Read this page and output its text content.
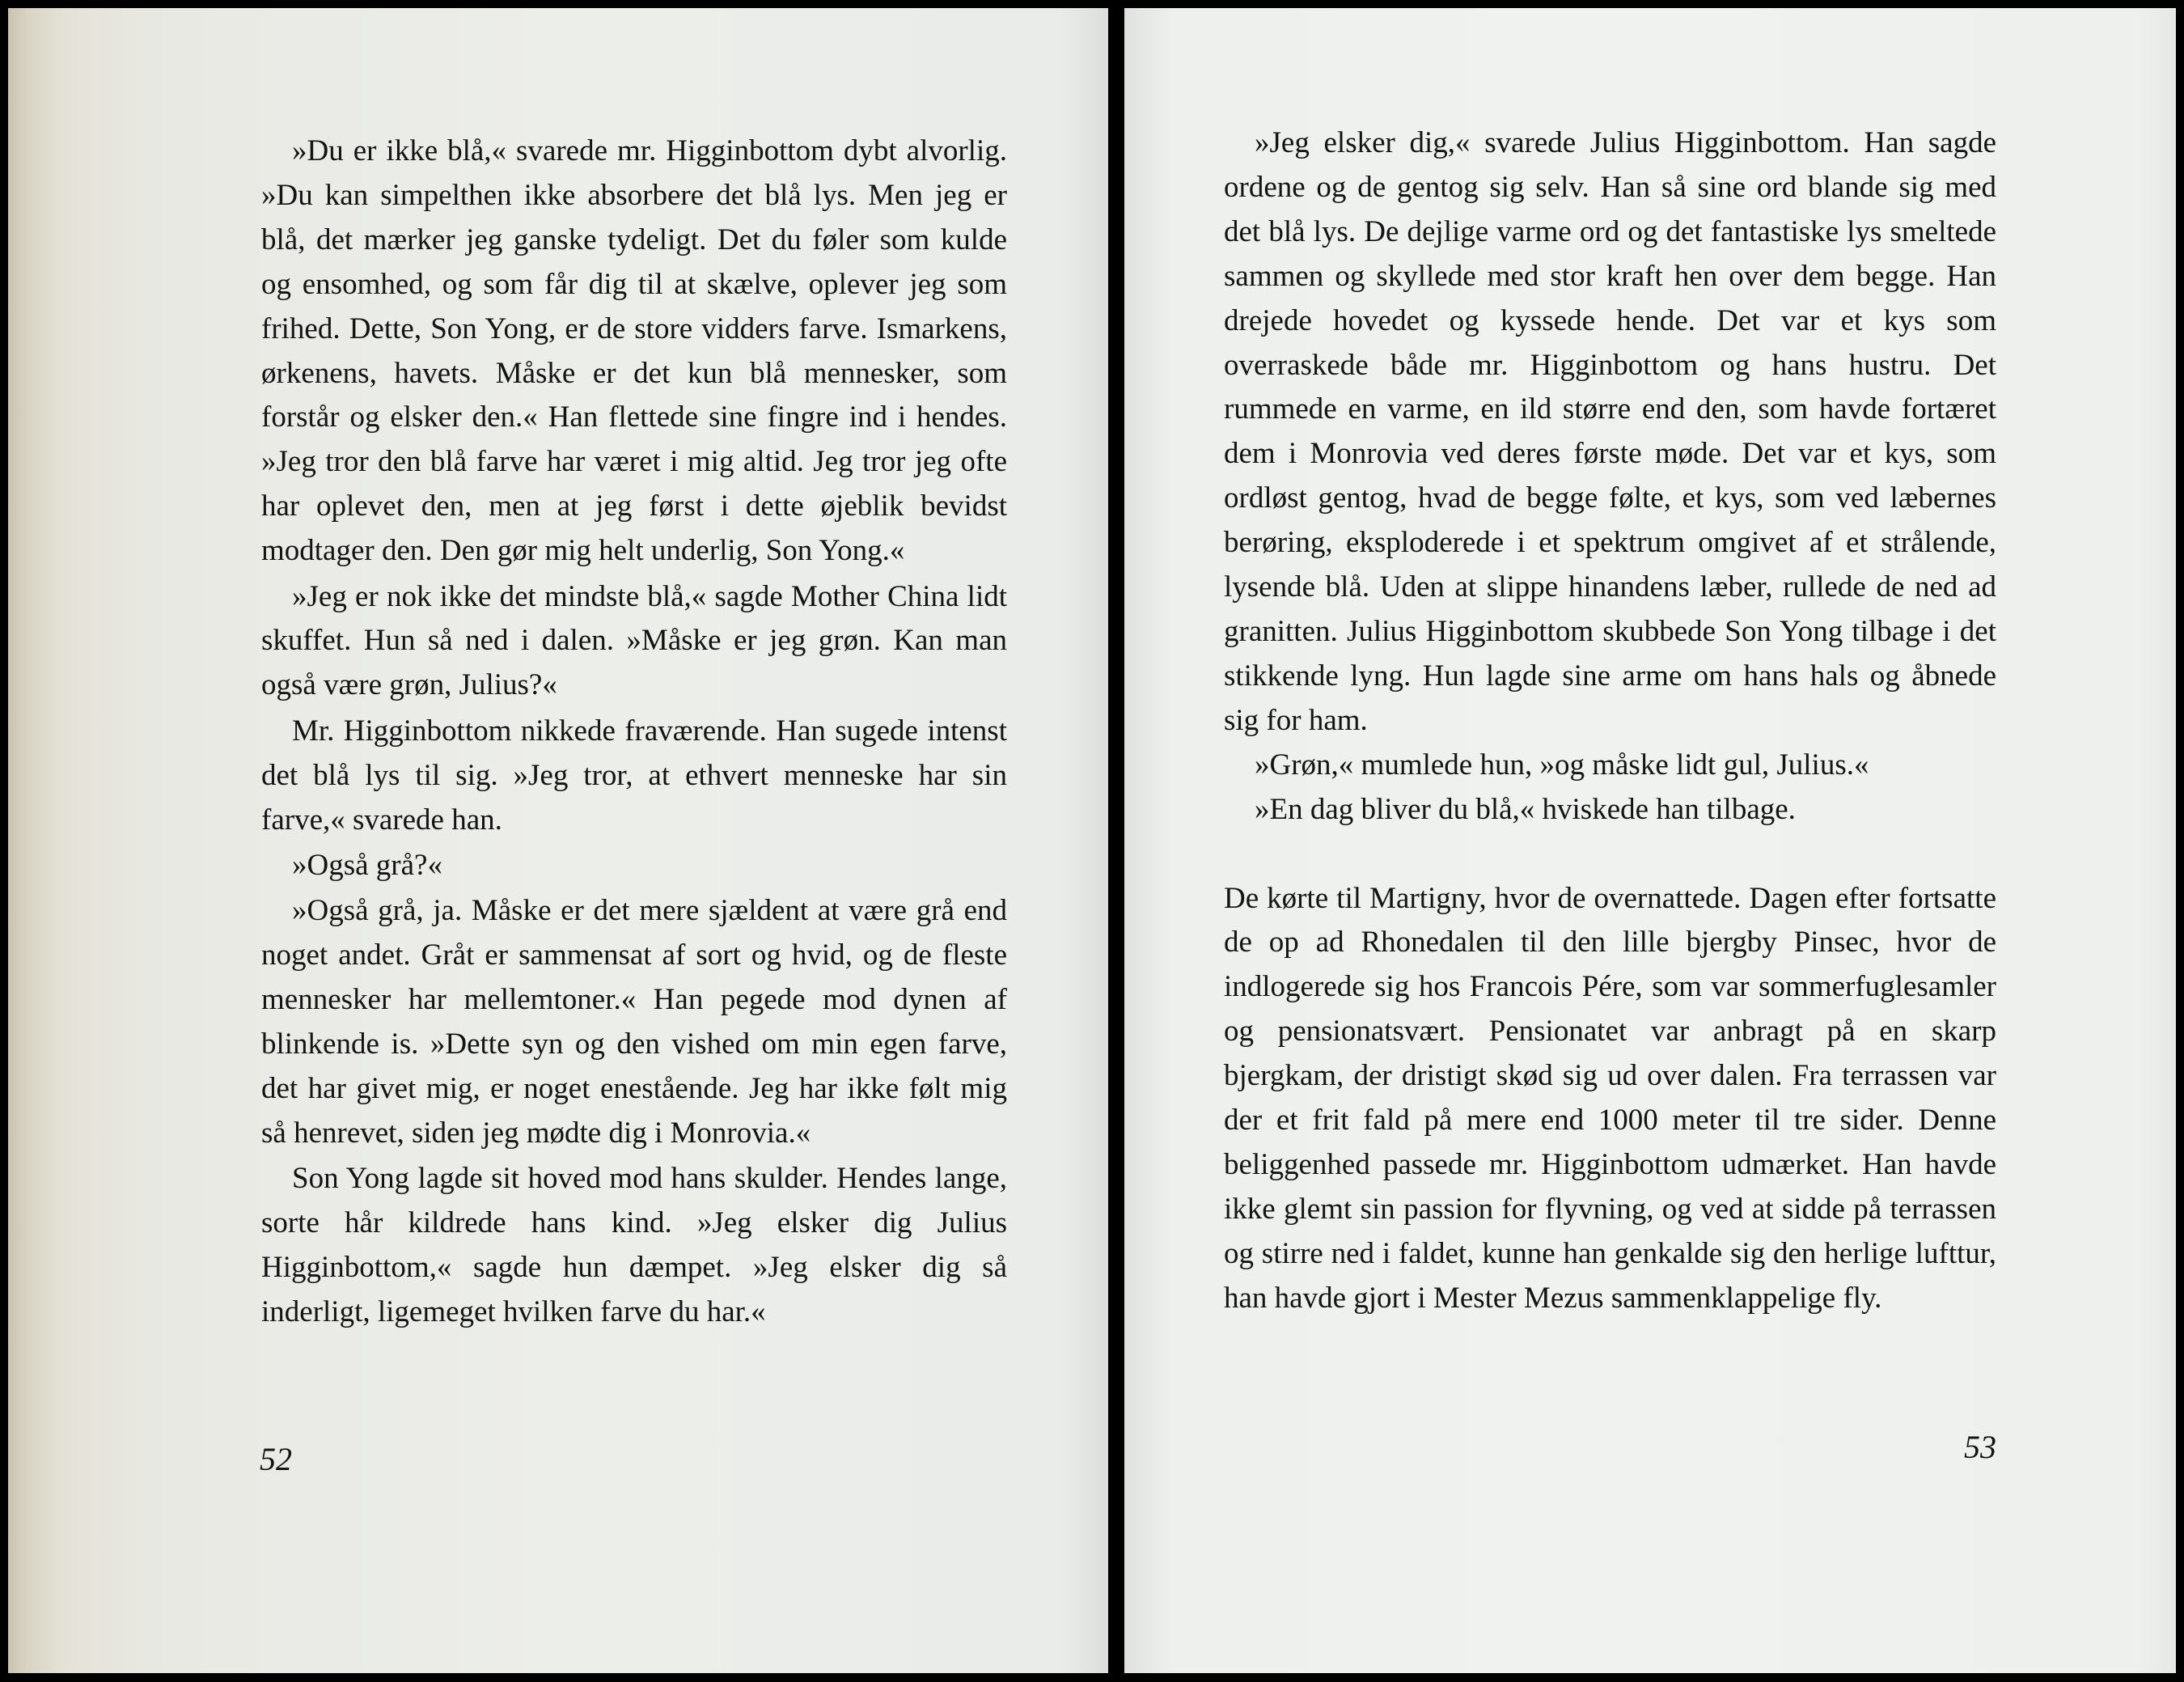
»Du er ikke blå,« svarede mr. Higginbottom dybt alvorlig. »Du kan simpelthen ikke absorbere det blå lys. Men jeg er blå, det mærker jeg ganske tydeligt. Det du føler som kulde og ensomhed, og som får dig til at skælve, oplever jeg som frihed. Dette, Son Yong, er de store vidders farve. Ismarkens, ørkenens, havets. Måske er det kun blå mennesker, som forstår og elsker den.« Han flettede sine fingre ind i hendes. »Jeg tror den blå farve har været i mig altid. Jeg tror jeg ofte har oplevet den, men at jeg først i dette øjeblik bevidst modtager den. Den gør mig helt underlig, Son Yong.«

»Jeg er nok ikke det mindste blå,« sagde Mother China lidt skuffet. Hun så ned i dalen. »Måske er jeg grøn. Kan man også være grøn, Julius?«

Mr. Higginbottom nikkede fraværende. Han sugede intenst det blå lys til sig. »Jeg tror, at ethvert menneske har sin farve,« svarede han.

»Også grå?«

»Også grå, ja. Måske er det mere sjældent at være grå end noget andet. Gråt er sammensat af sort og hvid, og de fleste mennesker har mellemtoner.« Han pegede mod dynen af blinkende is. »Dette syn og den vished om min egen farve, det har givet mig, er noget enestående. Jeg har ikke følt mig så henrevet, siden jeg mødte dig i Monrovia.«

Son Yong lagde sit hoved mod hans skulder. Hendes lange, sorte hår kildrede hans kind. »Jeg elsker dig Julius Higginbottom,« sagde hun dæmpet. »Jeg elsker dig så inderligt, ligemeget hvilken farve du har.«

52

»Jeg elsker dig,« svarede Julius Higginbottom. Han sagde ordene og de gentog sig selv. Han så sine ord blande sig med det blå lys. De dejlige varme ord og det fantastiske lys smeltede sammen og skyllede med stor kraft hen over dem begge. Han drejede hovedet og kyssede hende. Det var et kys som overraskede både mr. Higginbottom og hans hustru. Det rummede en varme, en ild større end den, som havde fortæret dem i Monrovia ved deres første møde. Det var et kys, som ordløst gentog, hvad de begge følte, et kys, som ved læbernes berøring, eksploderede i et spektrum omgivet af et strålende, lysende blå. Uden at slippe hinandens læber, rullede de ned ad granitten. Julius Higginbottom skubbede Son Yong tilbage i det stikkende lyng. Hun lagde sine arme om hans hals og åbnede sig for ham.

»Grøn,« mumlede hun, »og måske lidt gul, Julius.«

»En dag bliver du blå,« hviskede han tilbage.

De kørte til Martigny, hvor de overnattede. Dagen efter fortsatte de op ad Rhonedalen til den lille bjergby Pinsec, hvor de indlogerede sig hos Francois Pére, som var sommerfuglesamler og pensionatsvært. Pensionatet var anbragt på en skarp bjergkam, der dristigt skød sig ud over dalen. Fra terrassen var der et frit fald på mere end 1000 meter til tre sider. Denne beliggenhed passede mr. Higginbottom udmærket. Han havde ikke glemt sin passion for flyvning, og ved at sidde på terrassen og stirre ned i faldet, kunne han genkalde sig den herlige lufttur, han havde gjort i Mester Mezus sammenklappelige fly.

53
